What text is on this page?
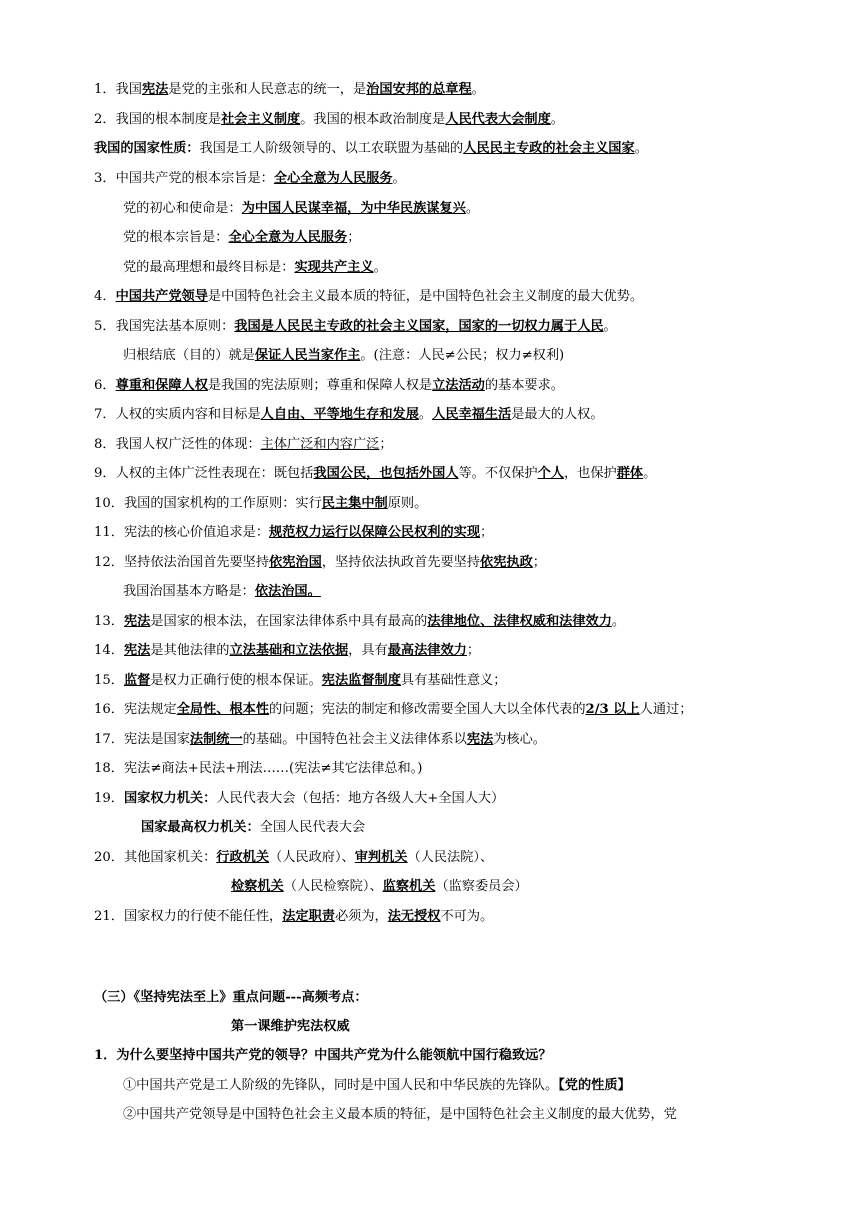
1．我国宪法是党的主张和人民意志的统一，是治国安邦的总章程。
2．我国的根本制度是社会主义制度。我国的根本政治制度是人民代表大会制度。
我国的国家性质：我国是工人阶级领导的、以工农联盟为基础的人民民主专政的社会主义国家。
3．中国共产党的根本宗旨是：全心全意为人民服务。
党的初心和使命是：为中国人民谋幸福，为中华民族谋复兴。
党的根本宗旨是：全心全意为人民服务；
党的最高理想和最终目标是：实现共产主义。
4．中国共产党领导是中国特色社会主义最本质的特征，是中国特色社会主义制度的最大优势。
5．我国宪法基本原则：我国是人民民主专政的社会主义国家，国家的一切权力属于人民。
归根结底（目的）就是保证人民当家作主。(注意：人民≠公民；权力≠权利)
6．尊重和保障人权是我国的宪法原则；尊重和保障人权是立法活动的基本要求。
7．人权的实质内容和目标是人自由、平等地生存和发展。人民幸福生活是最大的人权。
8．我国人权广泛性的体现：主体广泛和内容广泛；
9．人权的主体广泛性表现在：既包括我国公民，也包括外国人等。不仅保护个人，也保护群体。
10．我国的国家机构的工作原则：实行民主集中制原则。
11．宪法的核心价值追求是：规范权力运行以保障公民权利的实现；
12．坚持依法治国首先要坚持依宪治国，坚持依法执政首先要坚持依宪执政；
我国治国基本方略是：依法治国。
13．宪法是国家的根本法，在国家法律体系中具有最高的法律地位、法律权威和法律效力。
14．宪法是其他法律的立法基础和立法依据，具有最高法律效力；
15．监督是权力正确行使的根本保证。宪法监督制度具有基础性意义；
16．宪法规定全局性、根本性的问题；宪法的制定和修改需要全国人大以全体代表的2/3 以上人通过；
17．宪法是国家法制统一的基础。中国特色社会主义法律体系以宪法为核心。
18．宪法≠商法+民法+刑法……(宪法≠其它法律总和。)
19．国家权力机关：人民代表大会（包括：地方各级人大+全国人大）
国家最高权力机关：全国人民代表大会
20．其他国家机关：行政机关（人民政府）、审判机关（人民法院）、
检察机关（人民检察院）、监察机关（监察委员会）
21．国家权力的行使不能任性，法定职责必须为，法无授权不可为。
（三）《坚持宪法至上》重点问题---高频考点：
第一课维护宪法权威
1．为什么要坚持中国共产党的领导？中国共产党为什么能领航中国行稳致远？
①中国共产党是工人阶级的先锋队，同时是中国人民和中华民族的先锋队。【党的性质】
②中国共产党领导是中国特色社会主义最本质的特征，是中国特色社会主义制度的最大优势，党
